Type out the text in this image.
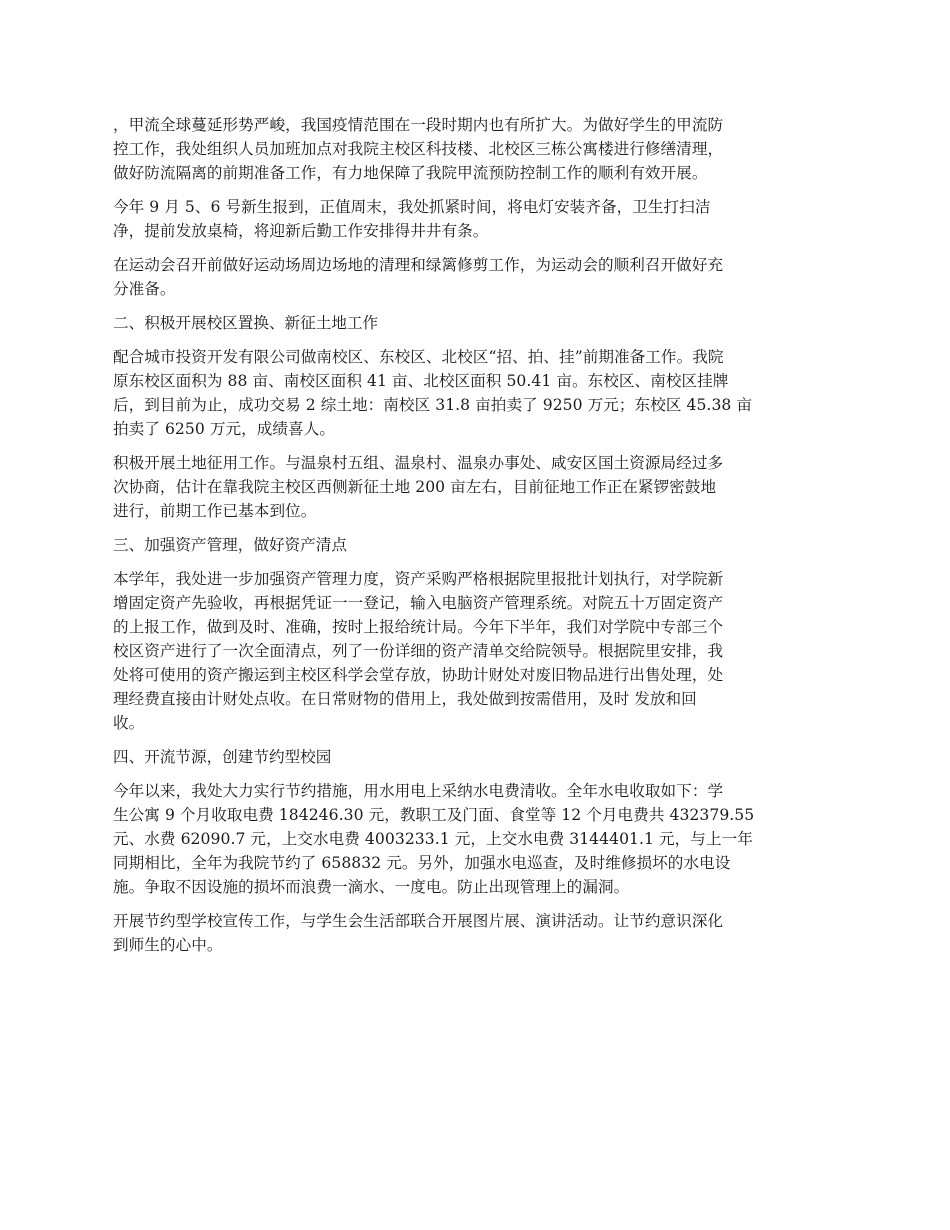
，甲流全球蔓延形势严峻，我国疫情范围在一段时期内也有所扩大。为做好学生的甲流防
控工作，我处组织人员加班加点对我院主校区科技楼、北校区三栋公寓楼进行修缮清理，
做好防流隔离的前期准备工作，有力地保障了我院甲流预防控制工作的顺利有效开展。

今年 9 月 5、6 号新生报到，正值周末，我处抓紧时间，将电灯安装齐备，卫生打扫洁
净，提前发放桌椅，将迎新后勤工作安排得井井有条。

在运动会召开前做好运动场周边场地的清理和绿篱修剪工作，为运动会的顺利召开做好充
分准备。

二、积极开展校区置换、新征土地工作

配合城市投资开发有限公司做南校区、东校区、北校区“招、拍、挂”前期准备工作。我院
原东校区面积为 88 亩、南校区面积 41 亩、北校区面积 50.41 亩。东校区、南校区挂牌
后，到目前为止，成功交易 2 综土地：南校区 31.8 亩拍卖了 9250 万元；东校区 45.38 亩
拍卖了 6250 万元，成绩喜人。

积极开展土地征用工作。与温泉村五组、温泉村、温泉办事处、咸安区国土资源局经过多
次协商，估计在靠我院主校区西侧新征土地 200 亩左右，目前征地工作正在紧锣密鼓地
进行，前期工作已基本到位。

三、加强资产管理，做好资产清点

本学年，我处进一步加强资产管理力度，资产采购严格根据院里报批计划执行，对学院新
增固定资产先验收，再根据凭证一一登记，输入电脑资产管理系统。对院五十万固定资产
的上报工作，做到及时、准确，按时上报给统计局。今年下半年，我们对学院中专部三个
校区资产进行了一次全面清点，列了一份详细的资产清单交给院领导。根据院里安排，我
处将可使用的资产搬运到主校区科学会堂存放，协助计财处对废旧物品进行出售处理，处
理经费直接由计财处点收。在日常财物的借用上，我处做到按需借用，及时 发放和回
收。

四、开流节源，创建节约型校园

今年以来，我处大力实行节约措施，用水用电上采纳水电费清收。全年水电收取如下：学
生公寓 9 个月收取电费 184246.30 元，教职工及门面、食堂等 12 个月电费共 432379.55
元、水费 62090.7 元，上交水电费 4003233.1 元，上交水电费 3144401.1 元，与上一年
同期相比，全年为我院节约了 658832 元。另外，加强水电巡查，及时维修损坏的水电设
施。争取不因设施的损坏而浪费一滴水、一度电。防止出现管理上的漏洞。

开展节约型学校宣传工作，与学生会生活部联合开展图片展、演讲活动。让节约意识深化
到师生的心中。
